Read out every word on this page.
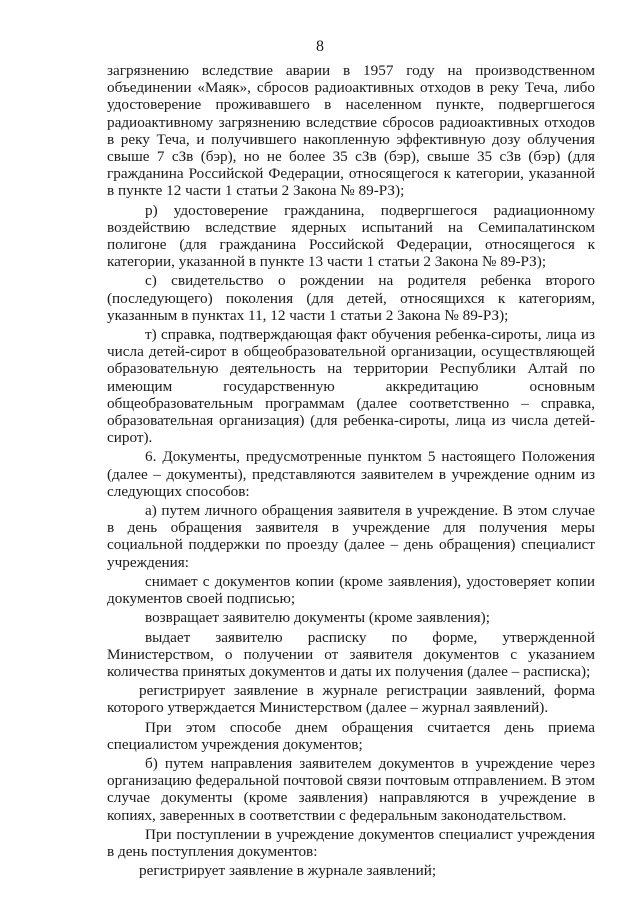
8

загрязнению вследствие аварии в 1957 году на производственном объединении «Маяк», сбросов радиоактивных отходов в реку Теча, либо удостоверение проживавшего в населенном пункте, подвергшегося радиоактивному загрязнению вследствие сбросов радиоактивных отходов в реку Теча, и получившего накопленную эффективную дозу облучения свыше 7 сЗв (бэр), но не более 35 сЗв (бэр), свыше 35 сЗв (бэр) (для гражданина Российской Федерации, относящегося к категории, указанной в пункте 12 части 1 статьи 2 Закона № 89-РЗ);

р) удостоверение гражданина, подвергшегося радиационному воздействию вследствие ядерных испытаний на Семипалатинском полигоне (для гражданина Российской Федерации, относящегося к категории, указанной в пункте 13 части 1 статьи 2 Закона № 89-РЗ);

с) свидетельство о рождении на родителя ребенка второго (последующего) поколения (для детей, относящихся к категориям, указанным в пунктах 11, 12 части 1 статьи 2 Закона № 89-РЗ);

т) справка, подтверждающая факт обучения ребенка-сироты, лица из числа детей-сирот в общеобразовательной организации, осуществляющей образовательную деятельность на территории Республики Алтай по имеющим государственную аккредитацию основным общеобразовательным программам (далее соответственно – справка, образовательная организация) (для ребенка-сироты, лица из числа детей-сирот).

6. Документы, предусмотренные пунктом 5 настоящего Положения (далее – документы), представляются заявителем в учреждение одним из следующих способов:

а) путем личного обращения заявителя в учреждение. В этом случае в день обращения заявителя в учреждение для получения меры социальной поддержки по проезду (далее – день обращения) специалист учреждения:

снимает с документов копии (кроме заявления), удостоверяет копии документов своей подписью;

возвращает заявителю документы (кроме заявления);

выдает заявителю расписку по форме, утвержденной Министерством, о получении от заявителя документов с указанием количества принятых документов и даты их получения (далее – расписка);

регистрирует заявление в журнале регистрации заявлений, форма которого утверждается Министерством (далее – журнал заявлений).

При этом способе днем обращения считается день приема специалистом учреждения документов;

б) путем направления заявителем документов в учреждение через организацию федеральной почтовой связи почтовым отправлением. В этом случае документы (кроме заявления) направляются в учреждение в копиях, заверенных в соответствии с федеральным законодательством.

При поступлении в учреждение документов специалист учреждения в день поступления документов:

регистрирует заявление в журнале заявлений;
